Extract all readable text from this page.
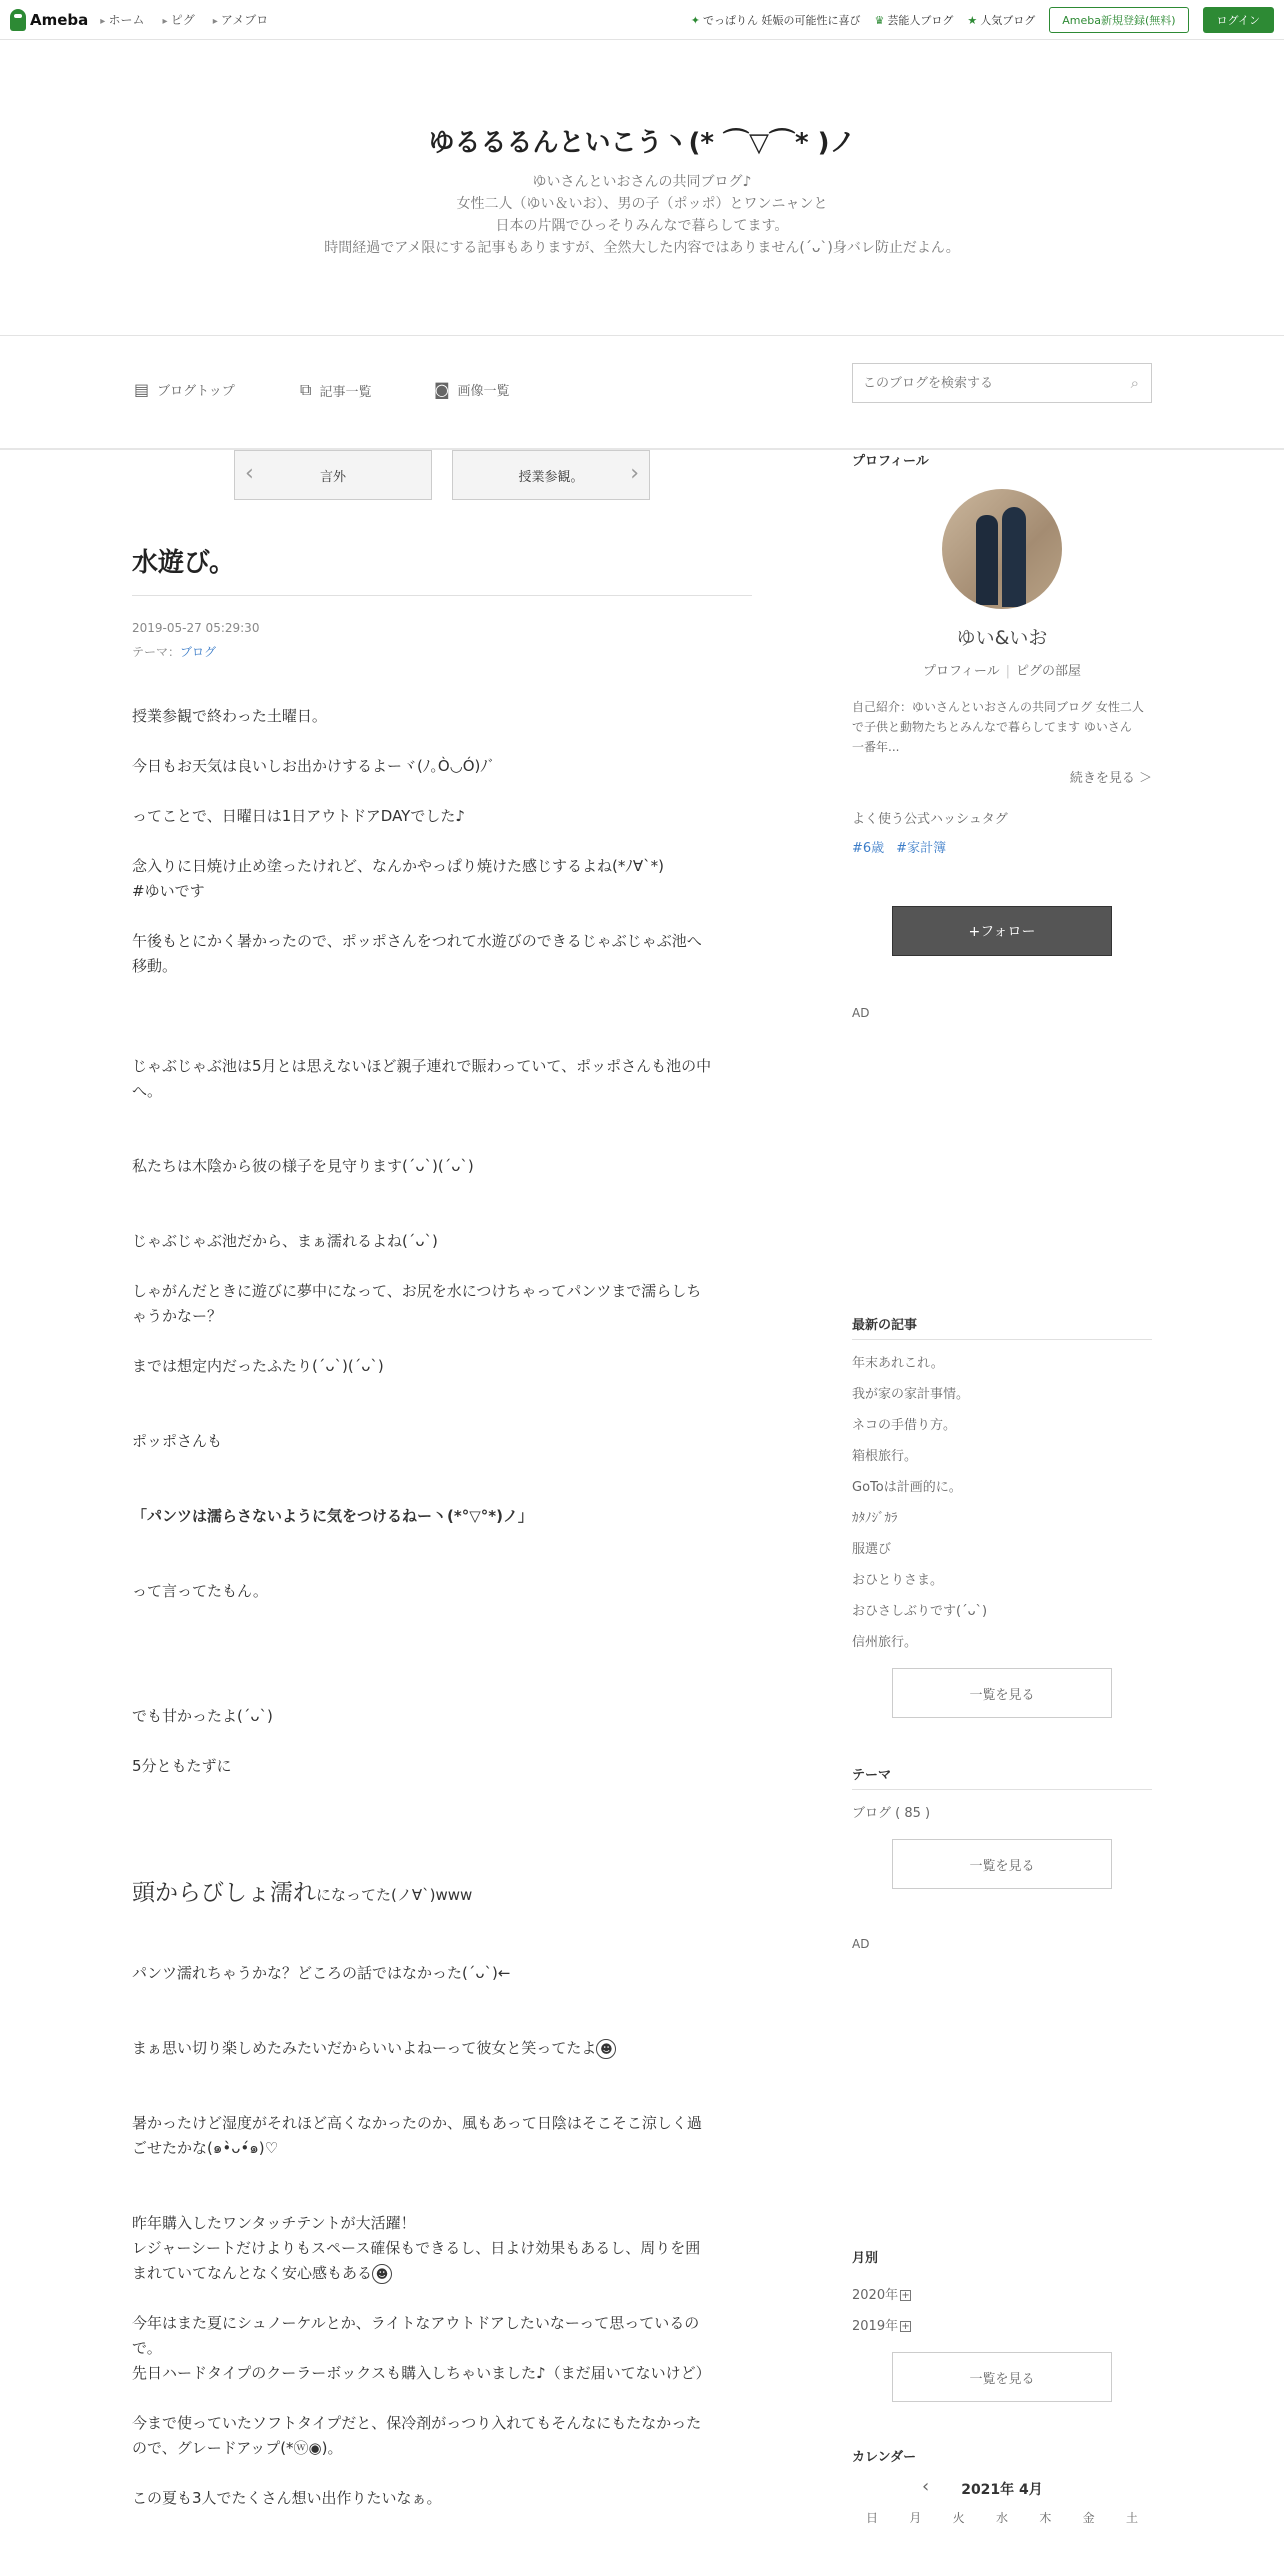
Ameba	▸ ホーム	▸ ピグ	▸ アメブロ	✦ でっぱりん 妊娠の可能性に喜び ♛ 芸能人ブログ ★ 人気ブログ	Ameba新規登録(無料)	ログイン
ゆるるるんといこう丶(* ⌒▽⌒* )ノ
ゆいさんといおさんの共同ブログ♪
女性二人（ゆい＆いお）、男の子（ポッポ）とワンニャンと
日本の片隅でひっそりみんなで暮らしてます。
時間経過でアメ限にする記事もありますが、全然大した内容ではありません(´ᴗ`)身バレ防止だよん。
▤ ブログトップ	⧉ 記事一覧	◙ 画像一覧
このブログを検索する	⌕
‹	言外	授業参観。 ›
水遊び。
2019-05-27 05:29:30
テーマ：ブログ

授業参観で終わった土曜日。

今日もお天気は良いしお出かけするよーヾ(ﾉ｡Ò◡Ó)ﾉﾞ

ってことで、日曜日は1日アウトドアDAYでした♪

念入りに日焼け止め塗ったけれど、なんかやっぱり焼けた感じするよね(*ﾉ∀`*)

#ゆいです

午後もとにかく暑かったので、ポッポさんをつれて水遊びのできるじゃぶじゃぶ池へ

移動。

じゃぶじゃぶ池は5月とは思えないほど親子連れで賑わっていて、ポッポさんも池の中

へ。

私たちは木陰から彼の様子を見守ります(´ᴗ`)(´ᴗ`)

じゃぶじゃぶ池だから、まぁ濡れるよね(´ᴗ`)

しゃがんだときに遊びに夢中になって、お尻を水につけちゃってパンツまで濡らしち

ゃうかなー？

までは想定内だったふたり(´ᴗ`)(´ᴗ`)

ポッポさんも

「パンツは濡らさないように気をつけるねー丶(*°▽°*)ノ」

って言ってたもん。

でも甘かったよ(´ᴗ`)

5分ともたずに

頭からびしょ濡れになってた(ノ∀`)www

パンツ濡れちゃうかな？どころの話ではなかった(´ᴗ`)←

まぁ思い切り楽しめたみたいだからいいよねーって彼女と笑ってたよ ☻

暑かったけど湿度がそれほど高くなかったのか、風もあって日陰はそこそこ涼しく過

ごせたかな(๑•̀ᴗ•́๑)♡

昨年購入したワンタッチテントが大活躍！

レジャーシートだけよりもスペース確保もできるし、日よけ効果もあるし、周りを囲

まれていてなんとなく安心感もある ☻

今年はまた夏にシュノーケルとか、ライトなアウトドアしたいなーって思っているの

で。

先日ハードタイプのクーラーボックスも購入しちゃいました♪（まだ届いてないけど）

今まで使っていたソフトタイプだと、保冷剤がっつり入れてもそんなにもたなかった

ので、グレードアップ(*ⓦ◉)。

この夏も3人でたくさん想い出作りたいなぁ。

プロフィール
ゆい&いお
プロフィール | ピグの部屋
自己紹介：ゆいさんといおさんの共同ブログ 女性二人で子供と動物たちとみんなで暮らしてます ゆいさん　一番年...
続きを見る ＞
よく使う公式ハッシュタグ
#6歳 #家計簿
+フォロー
AD
最新の記事
年末あれこれ。
我が家の家計事情。
ネコの手借り方。
箱根旅行。
GoToは計画的に。
ｶﾀﾉｼﾞｶﾗ
服選び
おひとりさま。
おひさしぶりです(´ᴗ`)
信州旅行。
一覧を見る
テーマ
ブログ ( 85 )
一覧を見る
AD
月別
2020年 +
2019年 +
一覧を見る
カレンダー
‹ 2021年 4月
日	月	火	水	木	金	土
